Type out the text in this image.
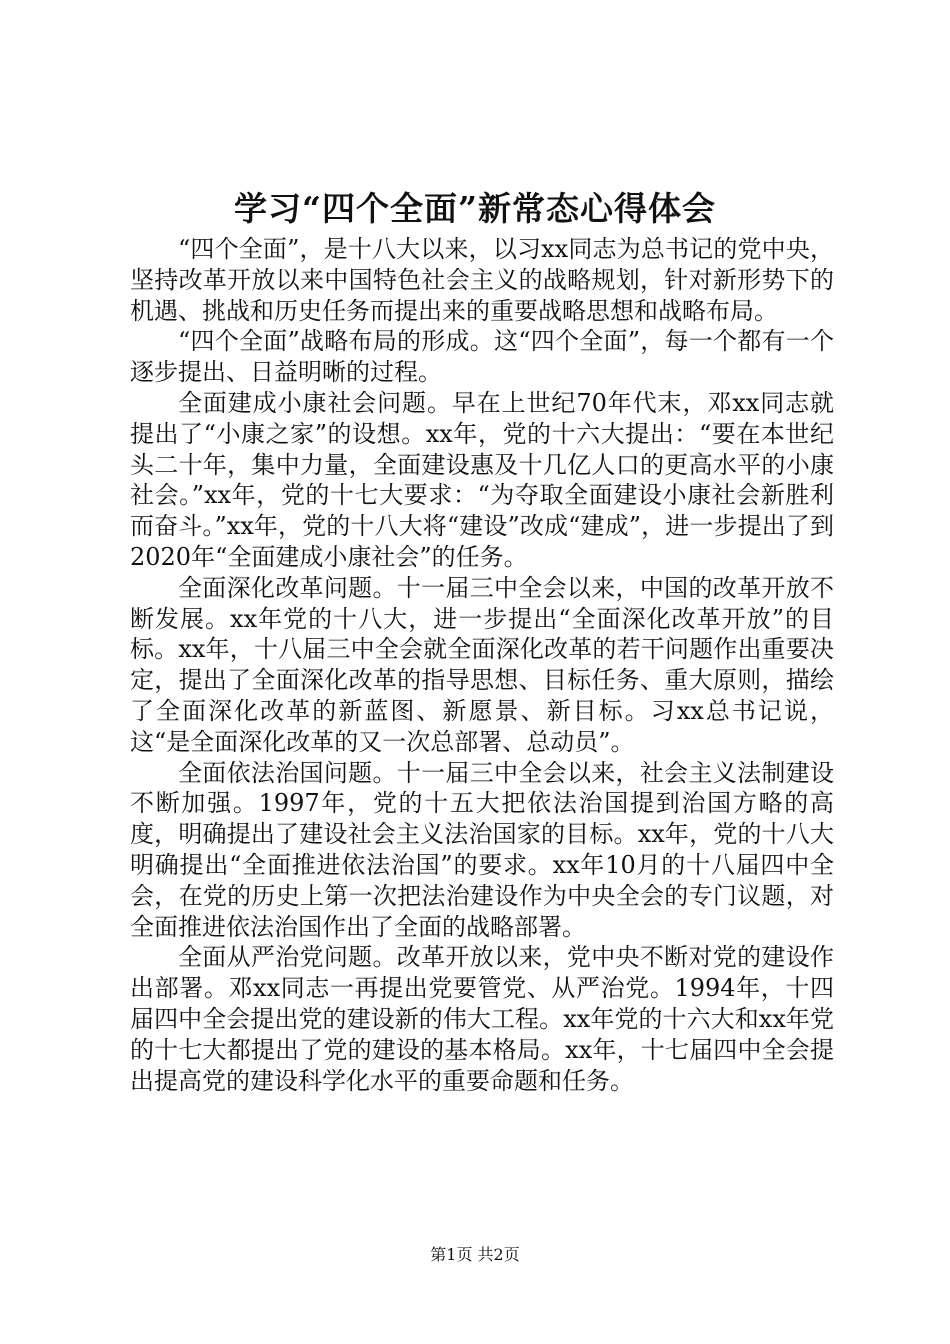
学习“四个全面”新常态心得体会

“四个全面”，是十八大以来，以习xx同志为总书记的党中央，坚持改革开放以来中国特色社会主义的战略规划，针对新形势下的机遇、挑战和历史任务而提出来的重要战略思想和战略布局。

“四个全面”战略布局的形成。这“四个全面”，每一个都有一个逐步提出、日益明晰的过程。

全面建成小康社会问题。早在上世纪70年代末，邓xx同志就提出了“小康之家”的设想。xx年，党的十六大提出：“要在本世纪头二十年，集中力量，全面建设惠及十几亿人口的更高水平的小康社会。”xx年，党的十七大要求：“为夺取全面建设小康社会新胜利而奋斗。”xx年，党的十八大将“建设”改成“建成”，进一步提出了到2020年“全面建成小康社会”的任务。

全面深化改革问题。十一届三中全会以来，中国的改革开放不断发展。xx年党的十八大，进一步提出“全面深化改革开放”的目标。xx年，十八届三中全会就全面深化改革的若干问题作出重要决定，提出了全面深化改革的指导思想、目标任务、重大原则，描绘了全面深化改革的新蓝图、新愿景、新目标。习xx总书记说，这“是全面深化改革的又一次总部署、总动员”。

全面依法治国问题。十一届三中全会以来，社会主义法制建设不断加强。1997年，党的十五大把依法治国提到治国方略的高度，明确提出了建设社会主义法治国家的目标。xx年，党的十八大明确提出“全面推进依法治国”的要求。xx年10月的十八届四中全会，在党的历史上第一次把法治建设作为中央全会的专门议题，对全面推进依法治国作出了全面的战略部署。

全面从严治党问题。改革开放以来，党中央不断对党的建设作出部署。邓xx同志一再提出党要管党、从严治党。1994年，十四届四中全会提出党的建设新的伟大工程。xx年党的十六大和xx年党的十七大都提出了党的建设的基本格局。xx年，十七届四中全会提出提高党的建设科学化水平的重要命题和任务。

第1页 共2页
